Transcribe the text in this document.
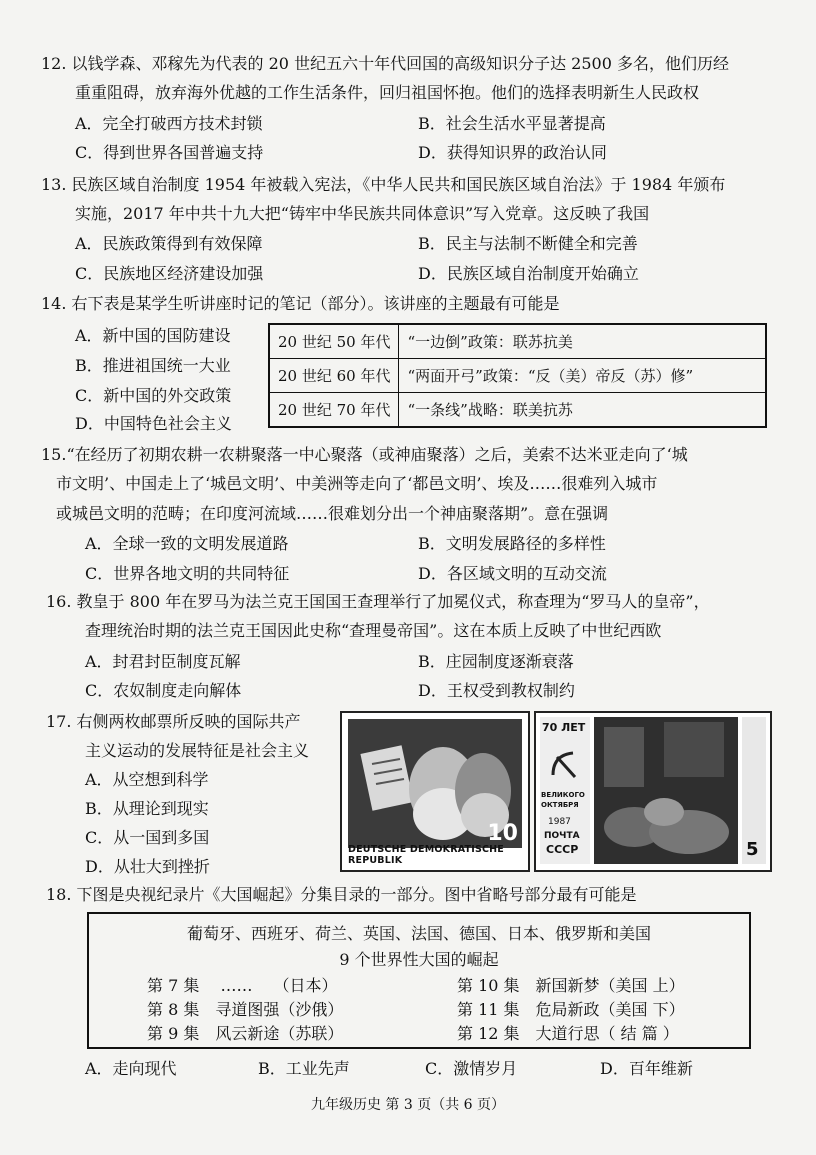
12. 以钱学森、邓稼先为代表的 20 世纪五六十年代回国的高级知识分子达 2500 多名，他们历经
重重阻碍，放弃海外优越的工作生活条件，回归祖国怀抱。他们的选择表明新生人民政权
A．完全打破西方技术封锁	B．社会生活水平显著提高
C．得到世界各国普遍支持	D．获得知识界的政治认同
13. 民族区域自治制度 1954 年被载入宪法，《中华人民共和国民族区域自治法》于 1984 年颁布
实施，2017 年中共十九大把“铸牢中华民族共同体意识”写入党章。这反映了我国
A．民族政策得到有效保障	B．民主与法制不断健全和完善
C．民族地区经济建设加强	D．民族区域自治制度开始确立
14. 右下表是某学生听讲座时记的笔记（部分）。该讲座的主题最有可能是
A．新中国的国防建设
B．推进祖国统一大业
C．新中国的外交政策
D．中国特色社会主义
20 世纪 50 年代	“一边倒”政策：联苏抗美
20 世纪 60 年代	“两面开弓”政策：“反（美）帝反（苏）修”
20 世纪 70 年代	“一条线”战略：联美抗苏
15.“在经历了初期农耕一农耕聚落一中心聚落（或神庙聚落）之后，美索不达米亚走向了‘城
市文明’、中国走上了‘城邑文明’、中美洲等走向了‘都邑文明’、埃及……很难列入城市
或城邑文明的范畴；在印度河流域……很难划分出一个神庙聚落期”。意在强调
A．全球一致的文明发展道路	B．文明发展路径的多样性
C．世界各地文明的共同特征	D．各区域文明的互动交流
16. 教皇于 800 年在罗马为法兰克王国国王查理举行了加冕仪式，称查理为“罗马人的皇帝”，
查理统治时期的法兰克王国因此史称“查理曼帝国”。这在本质上反映了中世纪西欧
A．封君封臣制度瓦解	B．庄园制度逐渐衰落
C．农奴制度走向解体	D．王权受到教权制约
17. 右侧两枚邮票所反映的国际共产
主义运动的发展特征是社会主义
A．从空想到科学
B．从理论到现实
C．从一国到多国
D．从壮大到挫折
10
DEUTSCHE DEMOKRATISCHE REPUBLIK
70 ЛЕТ
ВЕЛИКОГО
ОКТЯБРЯ
1987
ПОЧТА
СССР	5
18. 下图是央视纪录片《大国崛起》分集目录的一部分。图中省略号部分最有可能是
葡萄牙、西班牙、荷兰、英国、法国、德国、日本、俄罗斯和美国
9 个世界性大国的崛起
第 7 集　 ……　 （日本）
第 8 集　寻道图强（沙俄）
第 9 集　风云新途（苏联）
第 10 集　新国新梦（美国 上）
第 11 集　危局新政（美国 下）
第 12 集　大道行思（ 结 篇 ）
A．走向现代	B．工业先声	C．激情岁月	D．百年维新
九年级历史 第 3 页（共 6 页）
